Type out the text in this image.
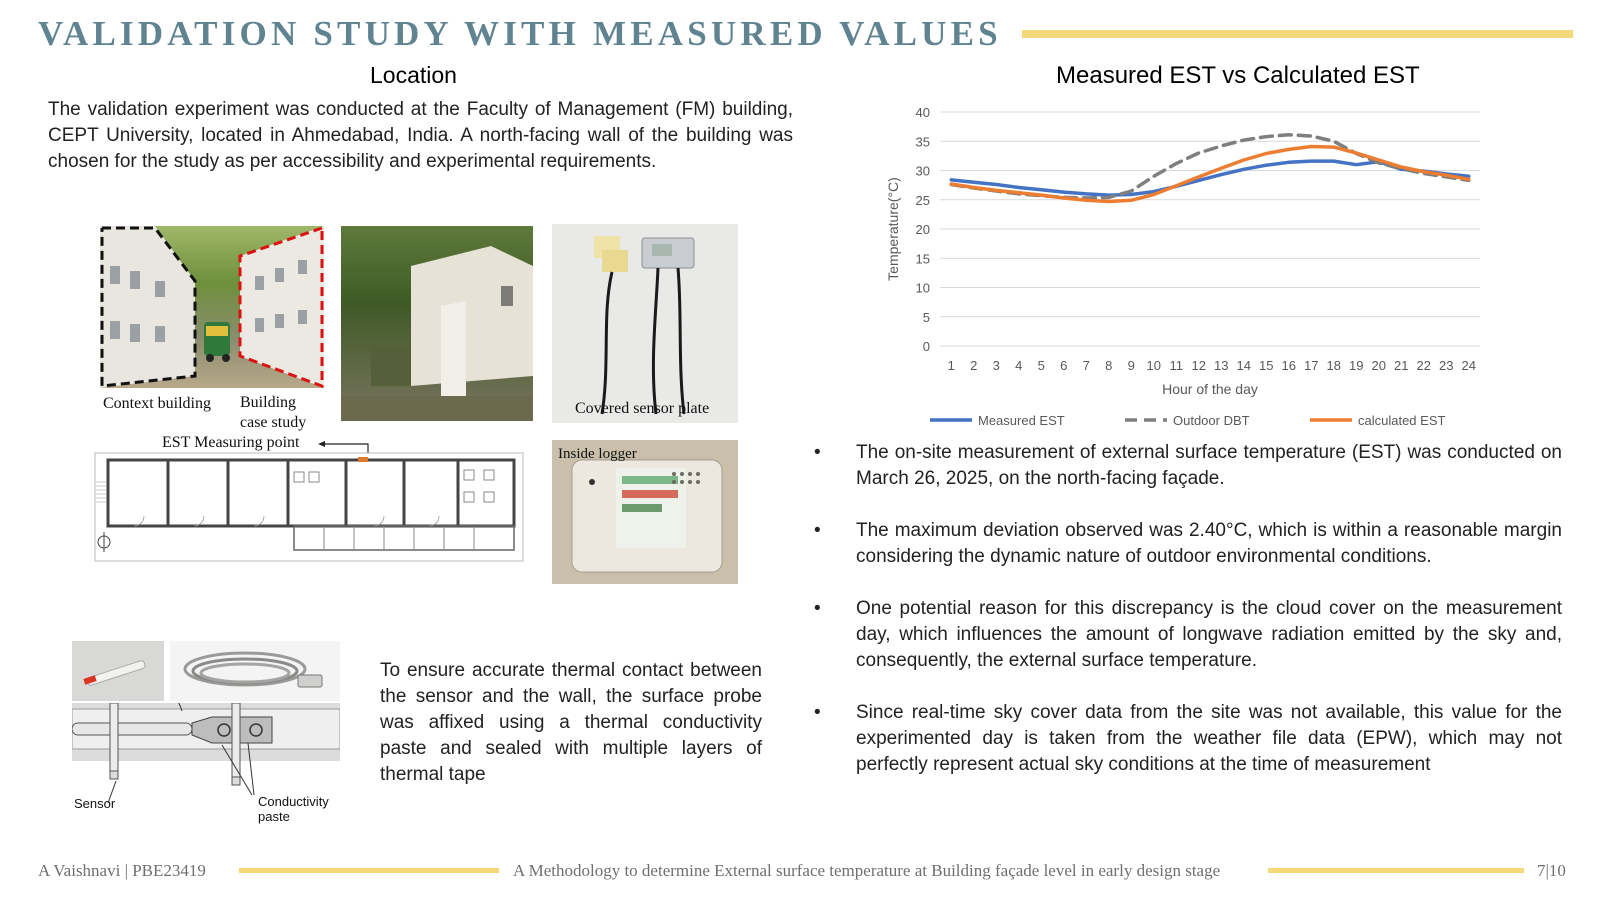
VALIDATION STUDY WITH MEASURED VALUES
Location
The validation experiment was conducted at the Faculty of Management (FM) building, CEPT University, located in Ahmedabad, India. A north-facing wall of the building was chosen for the study as per accessibility and experimental requirements.
Context building Building
case study
Covered sensor plate
EST Measuring point
Inside logger
Sensor	Conductivity
paste
To ensure accurate thermal contact between the sensor and the wall, the surface probe was affixed using a thermal conductivity paste and sealed with multiple layers of thermal tape
Measured EST vs Calculated EST
0
5
10
15
20
25
30
35
40
1 2 3 4 5 6 7 8 9 10 11 12 13 14 15 16 17 18 19 20 21 22 23 24
Hour of the day
Temperature(°C)
Measured EST	Outdoor DBT	calculated EST
• The on-site measurement of external surface temperature (EST) was conducted on March 26, 2025, on the north-facing façade.
• The maximum deviation observed was 2.40°C, which is within a reasonable margin considering the dynamic nature of outdoor environmental conditions.
• One potential reason for this discrepancy is the cloud cover on the measurement day, which influences the amount of longwave radiation emitted by the sky and, consequently, the external surface temperature.
• Since real-time sky cover data from the site was not available, this value for the experimented day is taken from the weather file data (EPW), which may not perfectly represent actual sky conditions at the time of measurement
A Vaishnavi | PBE23419	A Methodology to determine External surface temperature at Building façade level in early design stage	7|10
